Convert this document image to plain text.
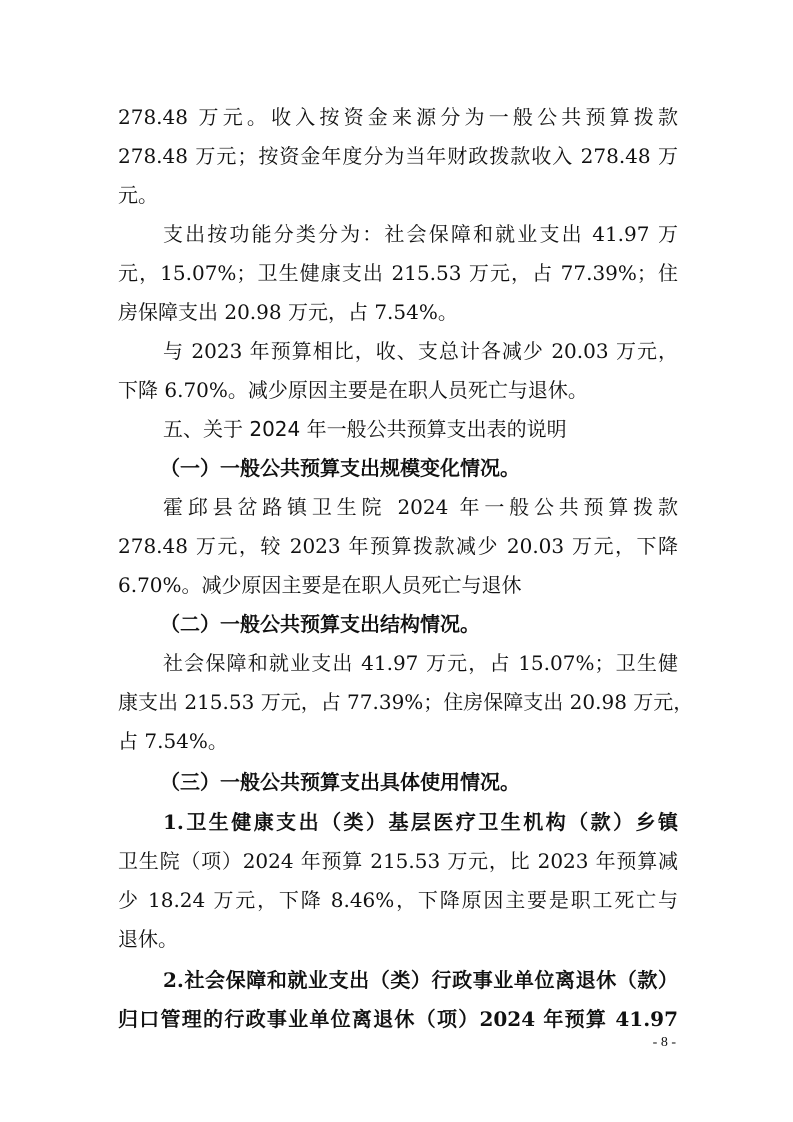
278.48 万元。收入按资金来源分为一般公共预算拨款
278.48 万元；按资金年度分为当年财政拨款收入 278.48 万
元。
支出按功能分类分为：社会保障和就业支出 41.97 万
元，15.07%；卫生健康支出 215.53 万元，占 77.39%；住
房保障支出 20.98 万元，占 7.54%。
与 2023 年预算相比，收、支总计各减少 20.03 万元，
下降 6.70%。减少原因主要是在职人员死亡与退休。
五、关于 2024 年一般公共预算支出表的说明
（一）一般公共预算支出规模变化情况。
霍邱县岔路镇卫生院 2024 年一般公共预算拨款
278.48 万元，较 2023 年预算拨款减少 20.03 万元，下降
6.70%。减少原因主要是在职人员死亡与退休
（二）一般公共预算支出结构情况。
社会保障和就业支出 41.97 万元，占 15.07%；卫生健
康支出 215.53 万元，占 77.39%；住房保障支出 20.98 万元，
占 7.54%。
（三）一般公共预算支出具体使用情况。
1.卫生健康支出（类）基层医疗卫生机构（款）乡镇
卫生院（项）2024 年预算 215.53 万元，比 2023 年预算减
少 18.24 万元，下降 8.46%，下降原因主要是职工死亡与
退休。
2.社会保障和就业支出（类）行政事业单位离退休（款）
归口管理的行政事业单位离退休（项）2024 年预算 41.97
- 8 -
